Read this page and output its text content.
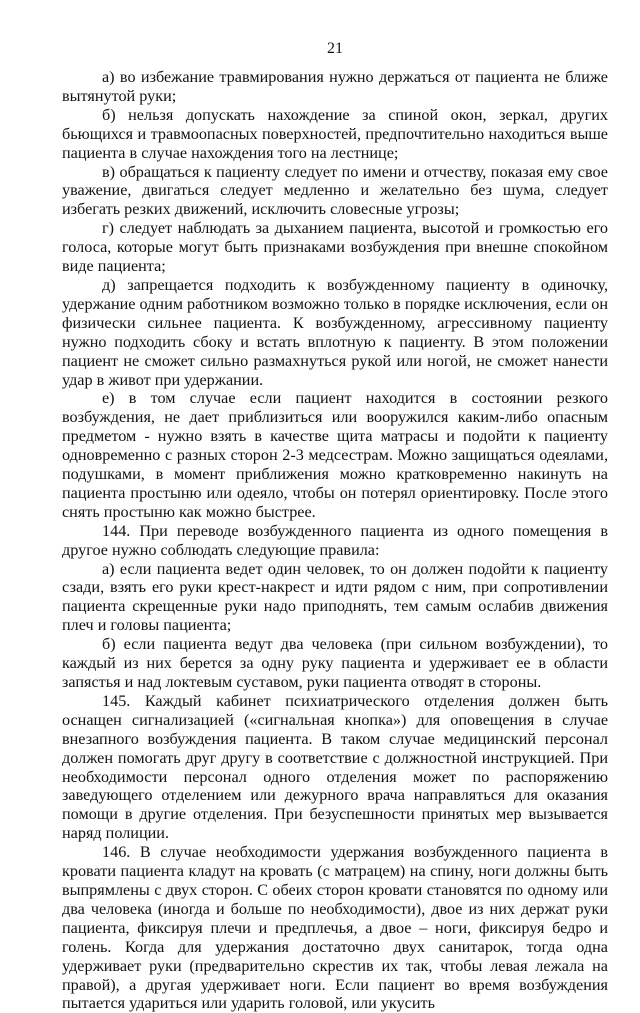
21

а) во избежание травмирования нужно держаться от пациента не ближе вытянутой руки;

б) нельзя допускать нахождение за спиной окон, зеркал, других бьющихся и травмоопасных поверхностей, предпочтительно находиться выше пациента в случае нахождения того на лестнице;

в) обращаться к пациенту следует по имени и отчеству, показая ему свое уважение, двигаться следует медленно и желательно без шума, следует избегать резких движений, исключить словесные угрозы;

г) следует наблюдать за дыханием пациента, высотой и громкостью его голоса, которые могут быть признаками возбуждения при внешне спокойном виде пациента;

д) запрещается подходить к возбужденному пациенту в одиночку, удержание одним работником возможно только в порядке исключения, если он физически сильнее пациента. К возбужденному, агрессивному пациенту нужно подходить сбоку и встать вплотную к пациенту. В этом положении пациент не сможет сильно размахнуться рукой или ногой, не сможет нанести удар в живот при удержании.

е) в том случае если пациент находится в состоянии резкого возбуждения, не дает приблизиться или вооружился каким-либо опасным предметом - нужно взять в качестве щита матрасы и подойти к пациенту одновременно с разных сторон 2-3 медсестрам. Можно защищаться одеялами, подушками, в момент приближения можно кратковременно накинуть на пациента простыню или одеяло, чтобы он потерял ориентировку. После этого снять простыню как можно быстрее.

144. При переводе возбужденного пациента из одного помещения в другое нужно соблюдать следующие правила:

а) если пациента ведет один человек, то он должен подойти к пациенту сзади, взять его руки крест-накрест и идти рядом с ним, при сопротивлении пациента скрещенные руки надо приподнять, тем самым ослабив движения плеч и головы пациента;

б) если пациента ведут два человека (при сильном возбуждении), то каждый из них берется за одну руку пациента и удерживает ее в области запястья и над локтевым суставом, руки пациента отводят в стороны.

145. Каждый кабинет психиатрического отделения должен быть оснащен сигнализацией («сигнальная кнопка») для оповещения в случае внезапного возбуждения пациента. В таком случае медицинский персонал должен помогать друг другу в соответствие с должностной инструкцией. При необходимости персонал одного отделения может по распоряжению заведующего отделением или дежурного врача направляться для оказания помощи в другие отделения. При безуспешности принятых мер вызывается наряд полиции.

146. В случае необходимости удержания возбужденного пациента в кровати пациента кладут на кровать (с матрацем) на спину, ноги должны быть выпрямлены с двух сторон. С обеих сторон кровати становятся по одному или два человека (иногда и больше по необходимости), двое из них держат руки пациента, фиксируя плечи и предплечья, а двое – ноги, фиксируя бедро и голень. Когда для удержания достаточно двух санитарок, тогда одна удерживает руки (предварительно скрестив их так, чтобы левая лежала на правой), а другая удерживает ноги. Если пациент во время возбуждения пытается удариться или ударить головой, или укусить
